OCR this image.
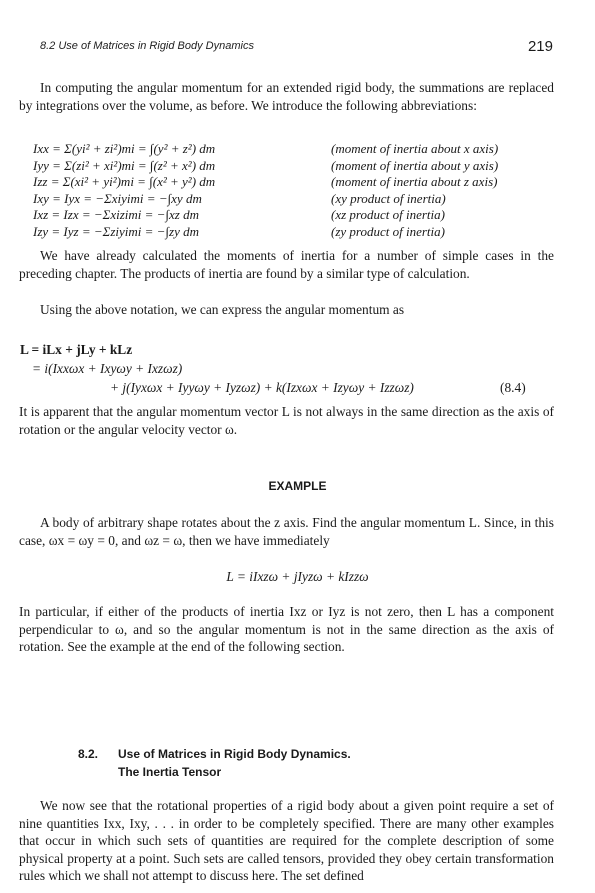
8.2 Use of Matrices in Rigid Body Dynamics	219

In computing the angular momentum for an extended rigid body, the summations are replaced by integrations over the volume, as before. We introduce the following abbreviations:

Ixx = Σ(yi² + zi²)mi = ∫(y² + z²) dm	(moment of inertia about x axis)
Iyy = Σ(zi² + xi²)mi = ∫(z² + x²) dm	(moment of inertia about y axis)
Izz = Σ(xi² + yi²)mi = ∫(x² + y²) dm	(moment of inertia about z axis)
Ixy = Iyx = −Σxiyimi = −∫xy dm	(xy product of inertia)
Ixz = Izx = −Σxizimi = −∫xz dm	(xz product of inertia)
Izy = Iyz = −Σziyimi = −∫zy dm	(zy product of inertia)

We have already calculated the moments of inertia for a number of simple cases in the preceding chapter. The products of inertia are found by a similar type of calculation.

Using the above notation, we can express the angular momentum as

L = iLx + jLy + kLz
= i(Ixxωx + Ixyωy + Ixzωz)
+ j(Iyxωx + Iyyωy + Iyzωz) + k(Izxωx + Izyωy + Izzωz)	(8.4)

It is apparent that the angular momentum vector L is not always in the same direction as the axis of rotation or the angular velocity vector ω.

EXAMPLE

A body of arbitrary shape rotates about the z axis. Find the angular momentum L. Since, in this case, ωx = ωy = 0, and ωz = ω, then we have immediately

L = iIxzω + jIyzω + kIzzω

In particular, if either of the products of inertia Ixz or Iyz is not zero, then L has a component perpendicular to ω, and so the angular momentum is not in the same direction as the axis of rotation. See the example at the end of the following section.

8.2. Use of Matrices in Rigid Body Dynamics.
The Inertia Tensor

We now see that the rotational properties of a rigid body about a given point require a set of nine quantities Ixx, Ixy, . . . in order to be completely specified. There are many other examples that occur in which such sets of quantities are required for the complete description of some physical property at a point. Such sets are called tensors, provided they obey certain transformation rules which we shall not attempt to discuss here. The set defined
